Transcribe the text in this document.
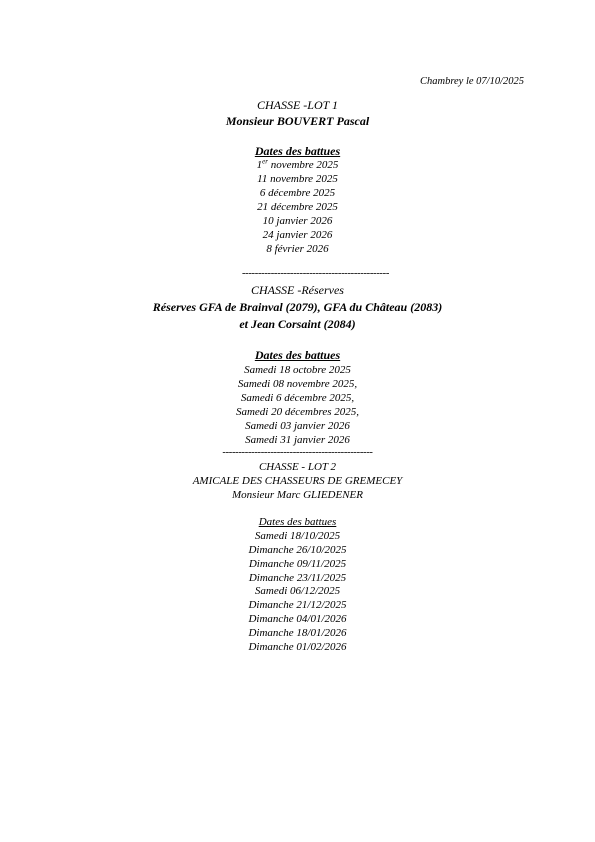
Chambrey le 07/10/2025
CHASSE -LOT 1
Monsieur BOUVERT Pascal
Dates des battues
1er novembre 2025
11 novembre 2025
6 décembre 2025
21 décembre 2025
10 janvier 2026
24 janvier 2026
8 février 2026
----------------------------------------------
CHASSE -Réserves
Réserves GFA de Brainval (2079), GFA du Château (2083)
et Jean Corsaint (2084)
Dates des battues
Samedi 18 octobre 2025
Samedi 08 novembre 2025,
Samedi 6 décembre 2025,
Samedi 20 décembres 2025,
Samedi 03 janvier 2026
Samedi 31 janvier 2026
-----------------------------------------------
CHASSE - LOT 2
AMICALE DES CHASSEURS DE GREMECEY
Monsieur Marc GLIEDENER
Dates des battues
Samedi 18/10/2025
Dimanche 26/10/2025
Dimanche 09/11/2025
Dimanche 23/11/2025
Samedi 06/12/2025
Dimanche 21/12/2025
Dimanche 04/01/2026
Dimanche 18/01/2026
Dimanche 01/02/2026
